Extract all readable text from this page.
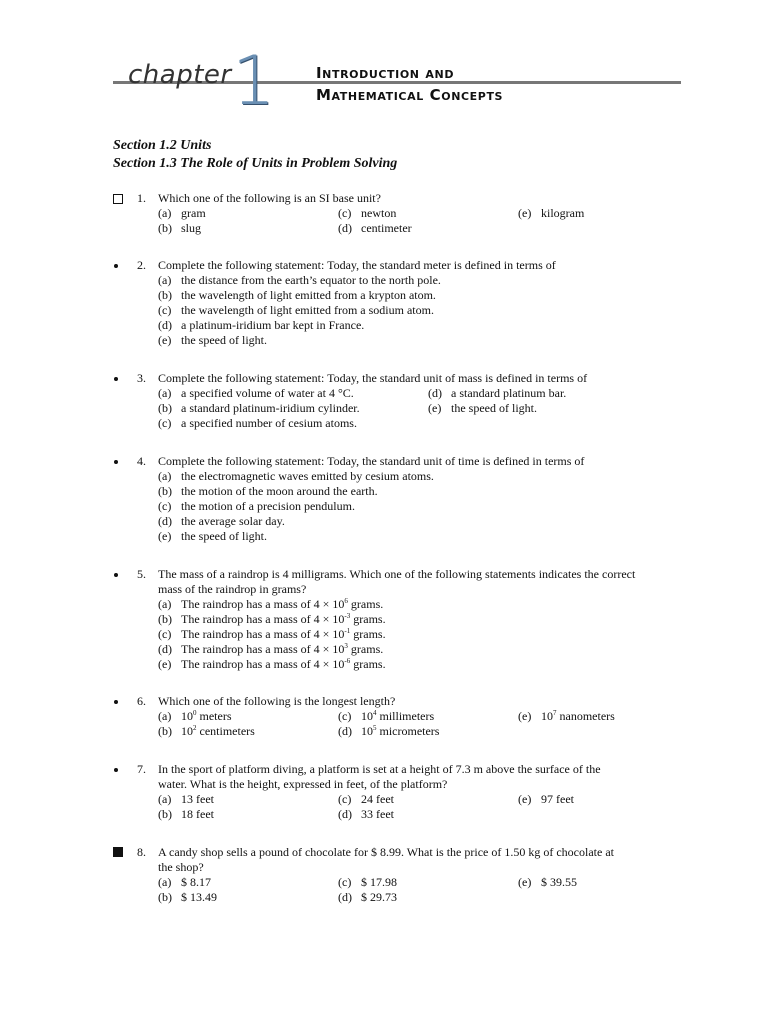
chapter 1	Introduction and
Mathematical Concepts
Section 1.2 Units
Section 1.3 The Role of Units in Problem Solving
1. Which one of the following is an SI base unit?
(a) gram
(b) slug
(c) newton
(d) centimeter
(e) kilogram
2. Complete the following statement: Today, the standard meter is defined in terms of
(a) the distance from the earth’s equator to the north pole.
(b) the wavelength of light emitted from a krypton atom.
(c) the wavelength of light emitted from a sodium atom.
(d) a platinum-iridium bar kept in France.
(e) the speed of light.
3. Complete the following statement: Today, the standard unit of mass is defined in terms of
(a) a specified volume of water at 4 °C.
(b) a standard platinum-iridium cylinder.
(c) a specified number of cesium atoms.
(d) a standard platinum bar.
(e) the speed of light.
4. Complete the following statement: Today, the standard unit of time is defined in terms of
(a) the electromagnetic waves emitted by cesium atoms.
(b) the motion of the moon around the earth.
(c) the motion of a precision pendulum.
(d) the average solar day.
(e) the speed of light.
5. The mass of a raindrop is 4 milligrams. Which one of the following statements indicates the correct
mass of the raindrop in grams?
(a) The raindrop has a mass of $4 \times 10^6$ grams.
(b) The raindrop has a mass of $4 \times 10^{-3}$ grams.
(c) The raindrop has a mass of $4 \times 10^{-1}$ grams.
(d) The raindrop has a mass of $4 \times 10^3$ grams.
(e) The raindrop has a mass of $4 \times 10^{-6}$ grams.
6. Which one of the following is the longest length?
(a) $10^0$ meters
(b) $10^2$ centimeters
(c) $10^4$ millimeters
(d) $10^5$ micrometers
(e) $10^7$ nanometers
7. In the sport of platform diving, a platform is set at a height of 7.3 m above the surface of the
water. What is the height, expressed in feet, of the platform?
(a) 13 feet
(b) 18 feet
(c) 24 feet
(d) 33 feet
(e) 97 feet
8. A candy shop sells a pound of chocolate for $ 8.99. What is the price of 1.50 kg of chocolate at
the shop?
(a) $ 8.17
(b) $ 13.49
(c) $ 17.98
(d) $ 29.73
(e) $ 39.55
